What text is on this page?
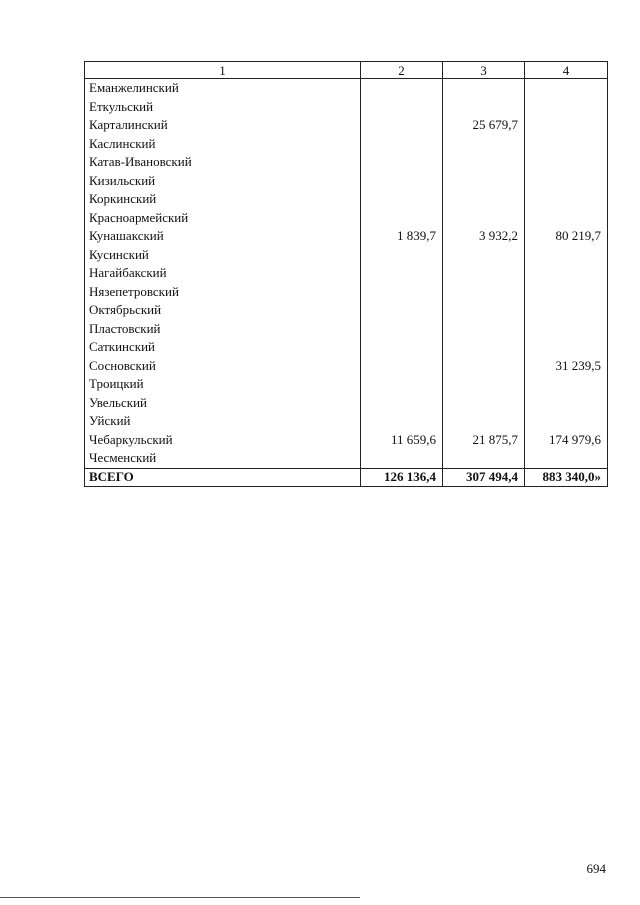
1	2	3	4
Еманжелинский			
Еткульский			
Карталинский		25 679,7	
Каслинский			
Катав-Ивановский			
Кизильский			
Коркинский			
Красноармейский			
Кунашакский	1 839,7	3 932,2	80 219,7
Кусинский			
Нагайбакский			
Нязепетровский			
Октябрьский			
Пластовский			
Саткинский			
Сосновский			31 239,5
Троицкий			
Увельский			
Уйский			
Чебаркульский	11 659,6	21 875,7	174 979,6
Чесменский			
ВСЕГО	126 136,4	307 494,4	883 340,0»
694
